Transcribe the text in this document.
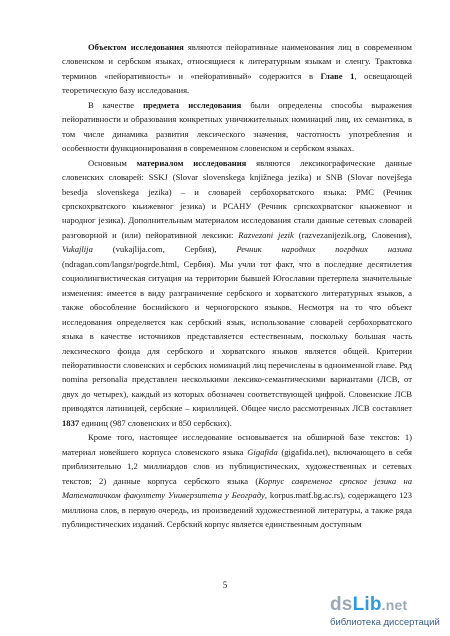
Объектом исследования являются пейоративные наименования лиц в современном словенском и сербском языках, относящиеся к литературным языкам и сленгу. Трактовка терминов «пейоративность» и «пейоративный» содержится в Главе 1, освещающей теоретическую базу исследования.

В качестве предмета исследования были определены способы выражения пейоративности и образования конкретных уничижительных номинаций лиц, их семантика, в том числе динамика развития лексического значения, частотность употребления и особенности функционирования в современном словенском и сербском языках.

Основным материалом исследования являются лексикографические данные словенских словарей: SSKJ (Slovar slovenskega knjižnega jezika) и SNB (Slovar novejšega besedja slovenskega jezika) – и словарей сербохорватского языка: РМС (Речник српскохрватского књижевног језика) и РСАНУ (Речник српскохрватског књижевног и народног језика). Дополнительным материалом исследования стали данные сетевых словарей разговорной и (или) пейоративной лексики: Razvezani jezik (razvezanijezik.org, Словения), Vukajlija (vukajlija.com, Сербия), Речник народних погрдних назива (ndragan.com/langsr/pogrde.html, Сербия). Мы учли тот факт, что в последние десятилетия социолингвистическая ситуация на территории бывшей Югославии претерпела значительные изменения: имеется в виду разграничение сербского и хорватского литературных языков, а также обособление боснийского и черногорского языков. Несмотря на то что объект исследования определяется как сербский язык, использование словарей сербохорватского языка в качестве источников представляется естественным, поскольку большая часть лексического фонда для сербского и хорватского языков является общей. Критерии пейоративности словенских и сербских номинаций лиц перечислены в одноименной главе. Ряд nomina personalia представлен несколькими лексико-семантическими вариантами (ЛСВ, от двух до четырех), каждый из которых обозначен соответствующей цифрой. Словенские ЛСВ приводятся латиницей, сербские – кириллицей. Общее число рассмотренных ЛСВ составляет 1837 единиц (987 словенских и 850 сербских).

Кроме того, настоящее исследование основывается на обширной базе текстов: 1) материал новейшего корпуса словенского языка Gigafida (gigafida.net), включающего в себя приблизительно 1,2 миллиардов слов из публицистических, художественных и сетевых текстов; 2) данные корпуса сербского языка (Корпус савременог српског језика на Математичком факултету Универзитета у Београду, korpus.matf.bg.ac.rs), содержащего 123 миллиона слов, в первую очередь, из произведений художественной литературы, а также ряда публицистических изданий. Сербский корпус является единственным доступным

5
dsLib.net
библиотека диссертаций
